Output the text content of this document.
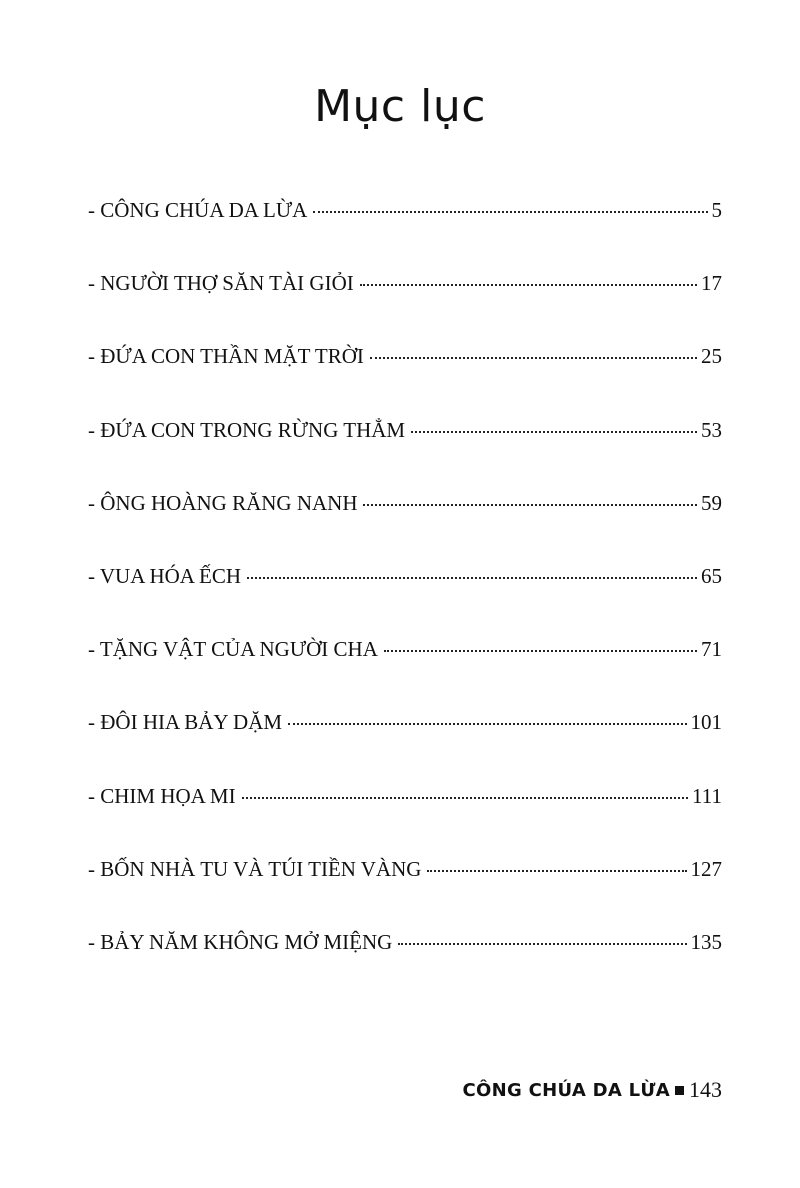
Mục lục
- CÔNG CHÚA DA LỪA	5
- NGƯỜI THỢ SĂN TÀI GIỎI	17
- ĐỨA CON THẦN MẶT TRỜI	25
- ĐỨA CON TRONG RỪNG THẲM	53
- ÔNG HOÀNG RĂNG NANH	59
- VUA HÓA ẾCH	65
- TẶNG VẬT CỦA NGƯỜI CHA	71
- ĐÔI HIA BẢY DẶM	101
- CHIM HỌA MI	111
- BỐN NHÀ TU VÀ TÚI TIỀN VÀNG	127
- BẢY NĂM KHÔNG MỞ MIỆNG	135
CÔNG CHÚA DA LỪA 143
